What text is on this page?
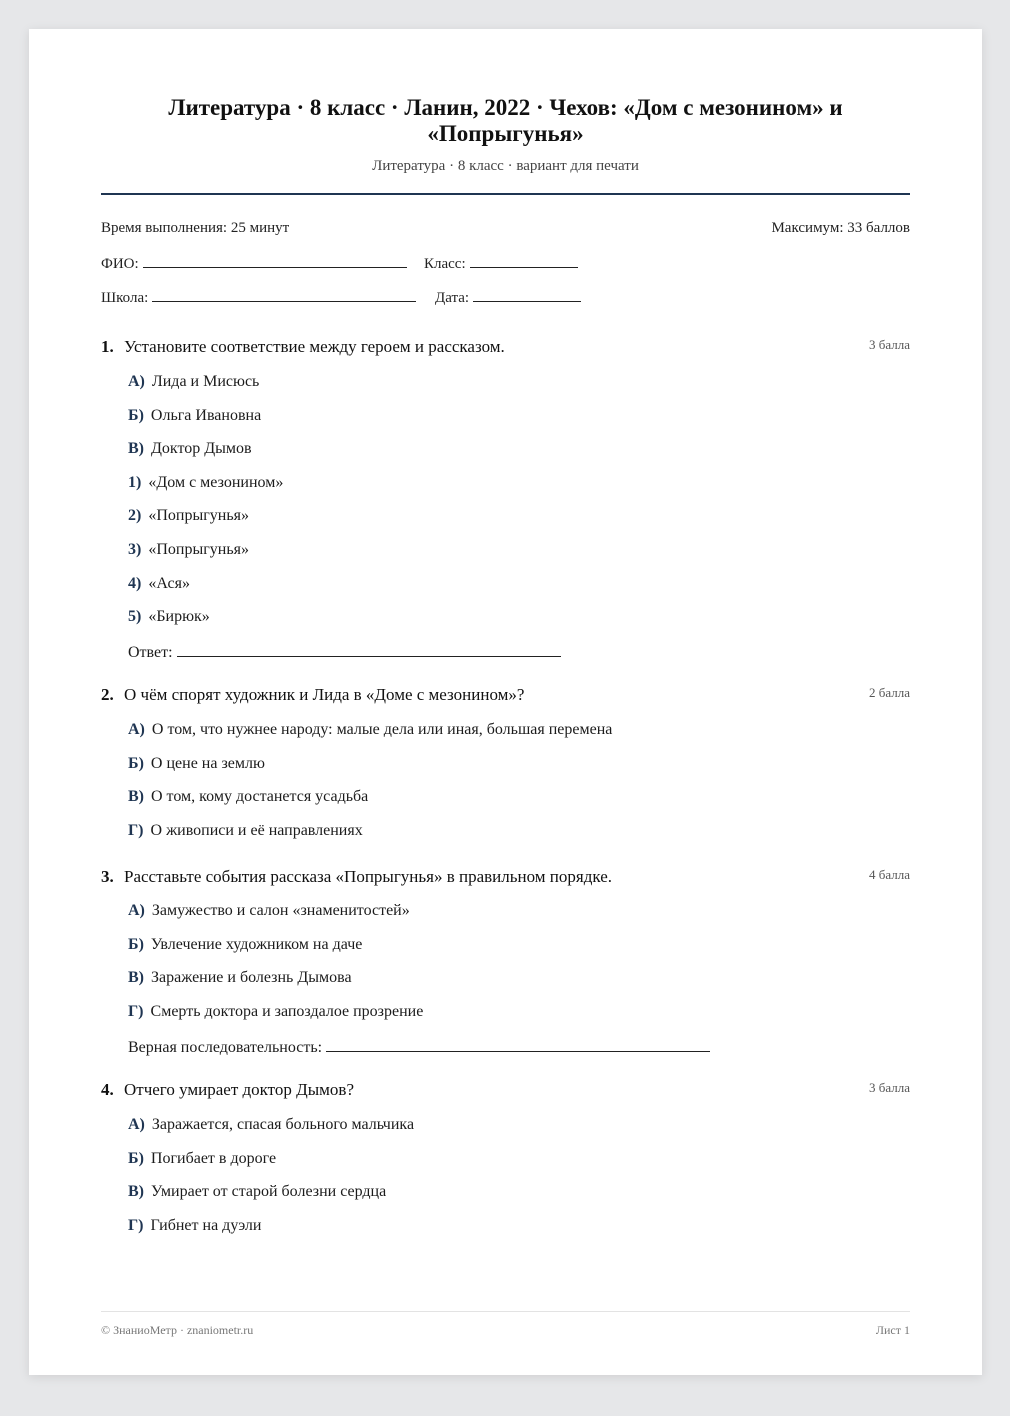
Литература · 8 класс · Ланин, 2022 · Чехов: «Дом с мезонином» и «Попрыгунья»
Литература · 8 класс · вариант для печати
Время выполнения: 25 минут	Максимум: 33 баллов
ФИО:	Класс:
Школа:	Дата:
1. Установите соответствие между героем и рассказом.	3 балла
А) Лида и Мисюсь
Б) Ольга Ивановна
В) Доктор Дымов
1) «Дом с мезонином»
2) «Попрыгунья»
3) «Попрыгунья»
4) «Ася»
5) «Бирюк»
Ответ:
2. О чём спорят художник и Лида в «Доме с мезонином»?	2 балла
А) О том, что нужнее народу: малые дела или иная, большая перемена
Б) О цене на землю
В) О том, кому достанется усадьба
Г) О живописи и её направлениях
3. Расставьте события рассказа «Попрыгунья» в правильном порядке.	4 балла
А) Замужество и салон «знаменитостей»
Б) Увлечение художником на даче
В) Заражение и болезнь Дымова
Г) Смерть доктора и запоздалое прозрение
Верная последовательность:
4. Отчего умирает доктор Дымов?	3 балла
А) Заражается, спасая больного мальчика
Б) Погибает в дороге
В) Умирает от старой болезни сердца
Г) Гибнет на дуэли
© ЗнаниоМетр · znaniometr.ru	Лист 1
